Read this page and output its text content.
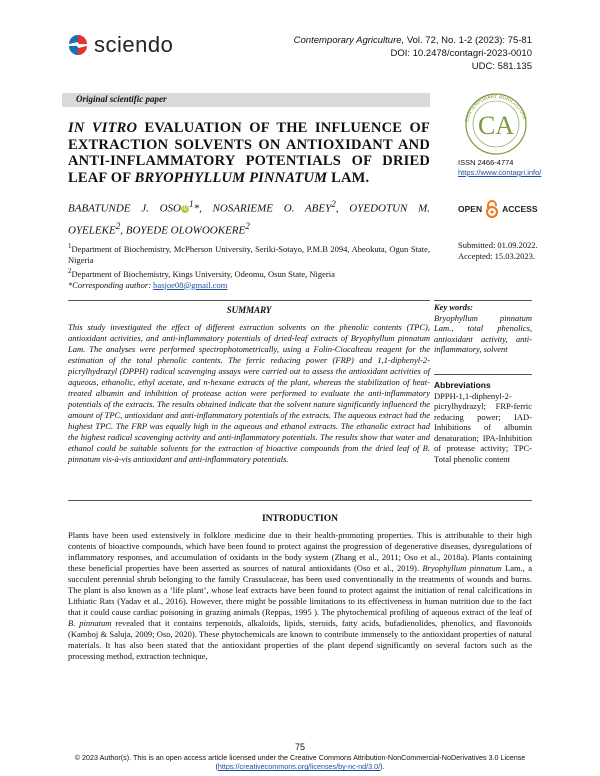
sciendo	Contemporary Agriculture, Vol. 72, No. 1-2 (2023): 75-81
DOI: 10.2478/contagri-2023-0010
UDC: 581.135
Original scientific paper
IN VITRO EVALUATION OF THE INFLUENCE OF EXTRACTION SOLVENTS ON ANTIOXIDANT AND ANTI-INFLAMMATORY POTENTIALS OF DRIED LEAF OF BRYOPHYLLUM PINNATUM LAM.
BABATUNDE J. OSOiD$^1$*, NOSARIEME O. ABEY$^2$, OYEDOTUN M. OYELEKE$^2$, BOYEDE OLOWOOKERE$^2$
CONTEMPORARY AGRICULTURE
CA
ISSN 2466-4774
https://www.contagri.info/
OPEN ACCESS
$^1$Department of Biochemistry, McPherson University, Seriki-Sotayo, P.M.B 2094, Abeokuta, Ogun State, Nigeria
$^2$Department of Biochemistry, Kings University, Odeomu, Osun State, Nigeria
*Corresponding author: basjoe08@gmail.com
Submitted: 01.09.2022.
Accepted: 15.03.2023.
SUMMARY
This study investigated the effect of different extraction solvents on the phenolic contents (TPC), antioxidant activities, and anti-inflammatory potentials of dried-leaf extracts of Bryophyllum pinnatum Lam. The analyses were performed spectrophotometrically, using a Folin-Ciocalteau reagent for the estimation of the total phenolic contents. The ferric reducing power (FRP) and 1,1-diphenyl-2-picrylhydrazyl (DPPH) radical scavenging assays were carried out to assess the antioxidant activities of aqueous, ethanolic, ethyl acetate, and n-hexane extracts of the plant, whereas the stabilization of heat-treated albumin and inhibition of protease action were performed to evaluate the anti-inflammatory potentials of the extracts. The results obtained indicate that the solvent nature significantly influenced the amount of TPC, antioxidant and anti-inflammatory potentials of the extracts. The aqueous extract had the highest TPC. The FRP was equally high in the aqueous and ethanol extracts. The ethanolic extract had the highest radical scavenging activity and anti-inflammatory potentials. The results show that water and ethanol could be suitable solvents for the extraction of bioactive compounds from the dried leaf of B. pinnatum vis-à-vis antioxidant and anti-inflammatory potentials.
Key words:
Bryophyllum pinnatum Lam., total phenolics, antioxidant activity, anti-inflammatory, solvent
Abbreviations
DPPH-1,1-diphenyl-2-picrylhydrazyl; FRP-ferric reducing power; IAD-Inhibitions of albumin denaturation; IPA-Inhibition of protease activity; TPC-Total phenolic content
INTRODUCTION
Plants have been used extensively in folklore medicine due to their health-promoting properties. This is attributable to their high contents of bioactive compounds, which have been found to protect against the progression of degenerative diseases, dysregulations of inflammatory responses, and accumulation of oxidants in the body system (Zhang et al., 2011; Oso et al., 2018a). Plants containing these beneficial properties have been asserted as sources of natural antioxidants (Oso et al., 2019). Bryophyllum pinnatum Lam., a succulent perennial shrub belonging to the family Crassulaceae, has been used conventionally in the treatments of wounds and burns. The plant is also known as a ‘life plant’, whose leaf extracts have been found to protect against the initiation of renal calcifications in Lithiatic Rats (Yadav et al., 2016). However, there might be possible limitations to its effectiveness in human nutrition due to the fact that it could cause cardiac poisoning in grazing animals (Reppas, 1995 ). The phytochemical profiling of aqueous extract of the leaf of B. pinnatum revealed that it contains terpenoids, alkaloids, lipids, steroids, fatty acids, bufadienolides, phenolics, and flavonoids (Kamboj & Saluja, 2009; Oso, 2020). These phytochemicals are known to contribute immensely to the antioxidant properties of natural materials. It has also been stated that the antioxidant properties of the plant depend significantly on several factors such as the processing method, extraction technique,
75
© 2023 Author(s). This is an open access article licensed under the Creative Commons Attribution-NonCommercial-NoDerivatives 3.0 License (https://creativecommons.org/licenses/by-nc-nd/3.0/).
